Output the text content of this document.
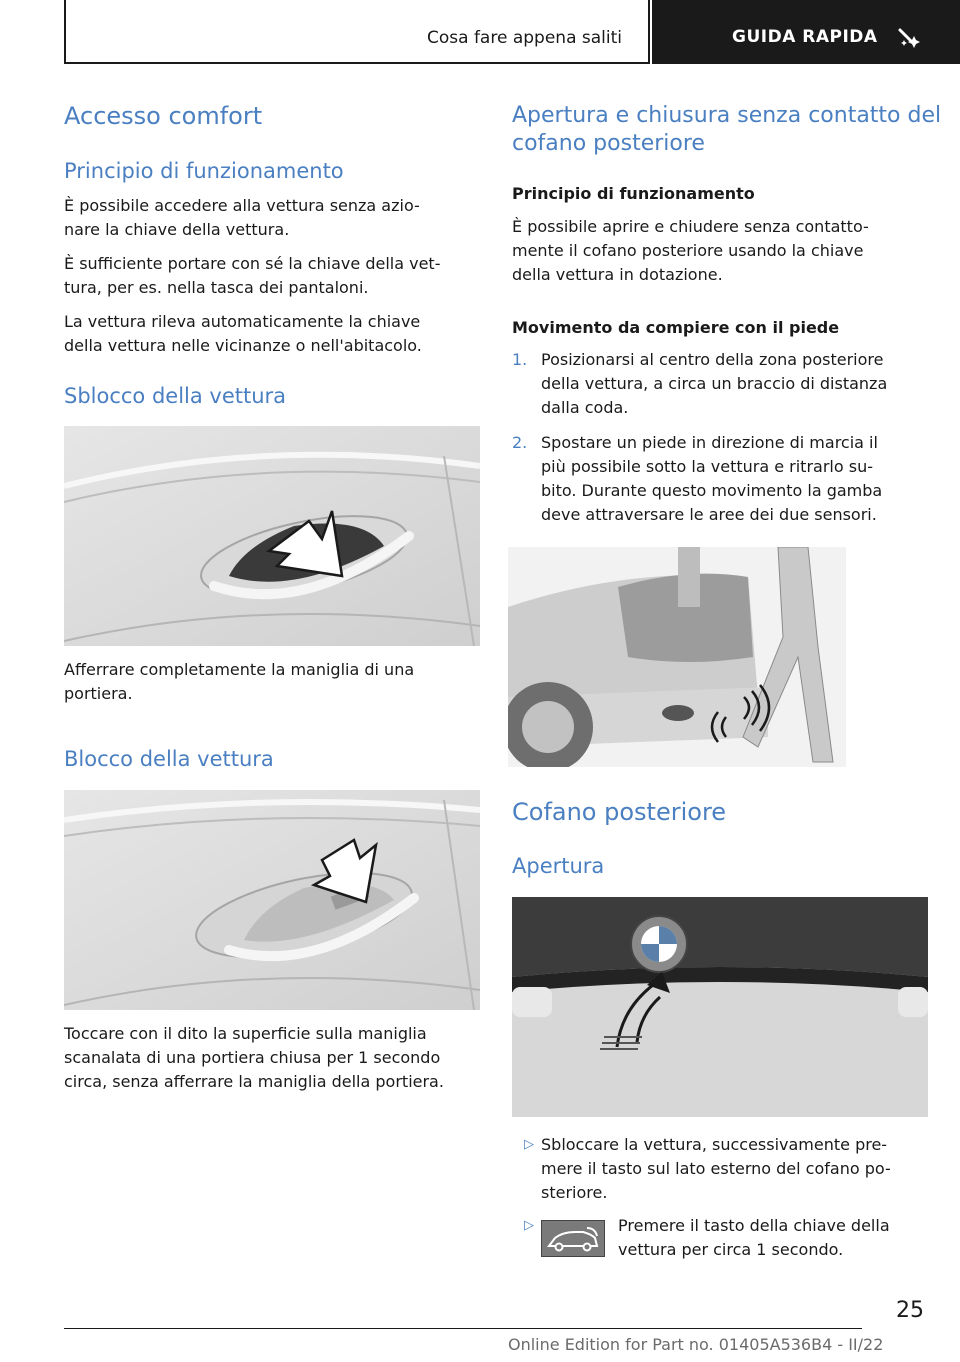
Cosa fare appena saliti	GUIDA RAPIDA
Accesso comfort
Principio di funzionamento
È possibile accedere alla vettura senza azio-
nare la chiave della vettura.
È sufficiente portare con sé la chiave della vet-
tura, per es. nella tasca dei pantaloni.
La vettura rileva automaticamente la chiave
della vettura nelle vicinanze o nell'abitacolo.
Sblocco della vettura
Afferrare completamente la maniglia di una
portiera.
Blocco della vettura
Toccare con il dito la superficie sulla maniglia
scanalata di una portiera chiusa per 1 secondo
circa, senza afferrare la maniglia della portiera.
Apertura e chiusura senza contatto del
cofano posteriore
Principio di funzionamento
È possibile aprire e chiudere senza contatto-
mente il cofano posteriore usando la chiave
della vettura in dotazione.
Movimento da compiere con il piede
1. Posizionarsi al centro della zona posteriore
della vettura, a circa un braccio di distanza
dalla coda.
2. Spostare un piede in direzione di marcia il
più possibile sotto la vettura e ritrarlo su-
bito. Durante questo movimento la gamba
deve attraversare le aree dei due sensori.
Cofano posteriore
Apertura
▷ Sbloccare la vettura, successivamente pre-
mere il tasto sul lato esterno del cofano po-
steriore.
▷	Premere il tasto della chiave della
vettura per circa 1 secondo.
25
Online Edition for Part no. 01405A536B4 - II/22
